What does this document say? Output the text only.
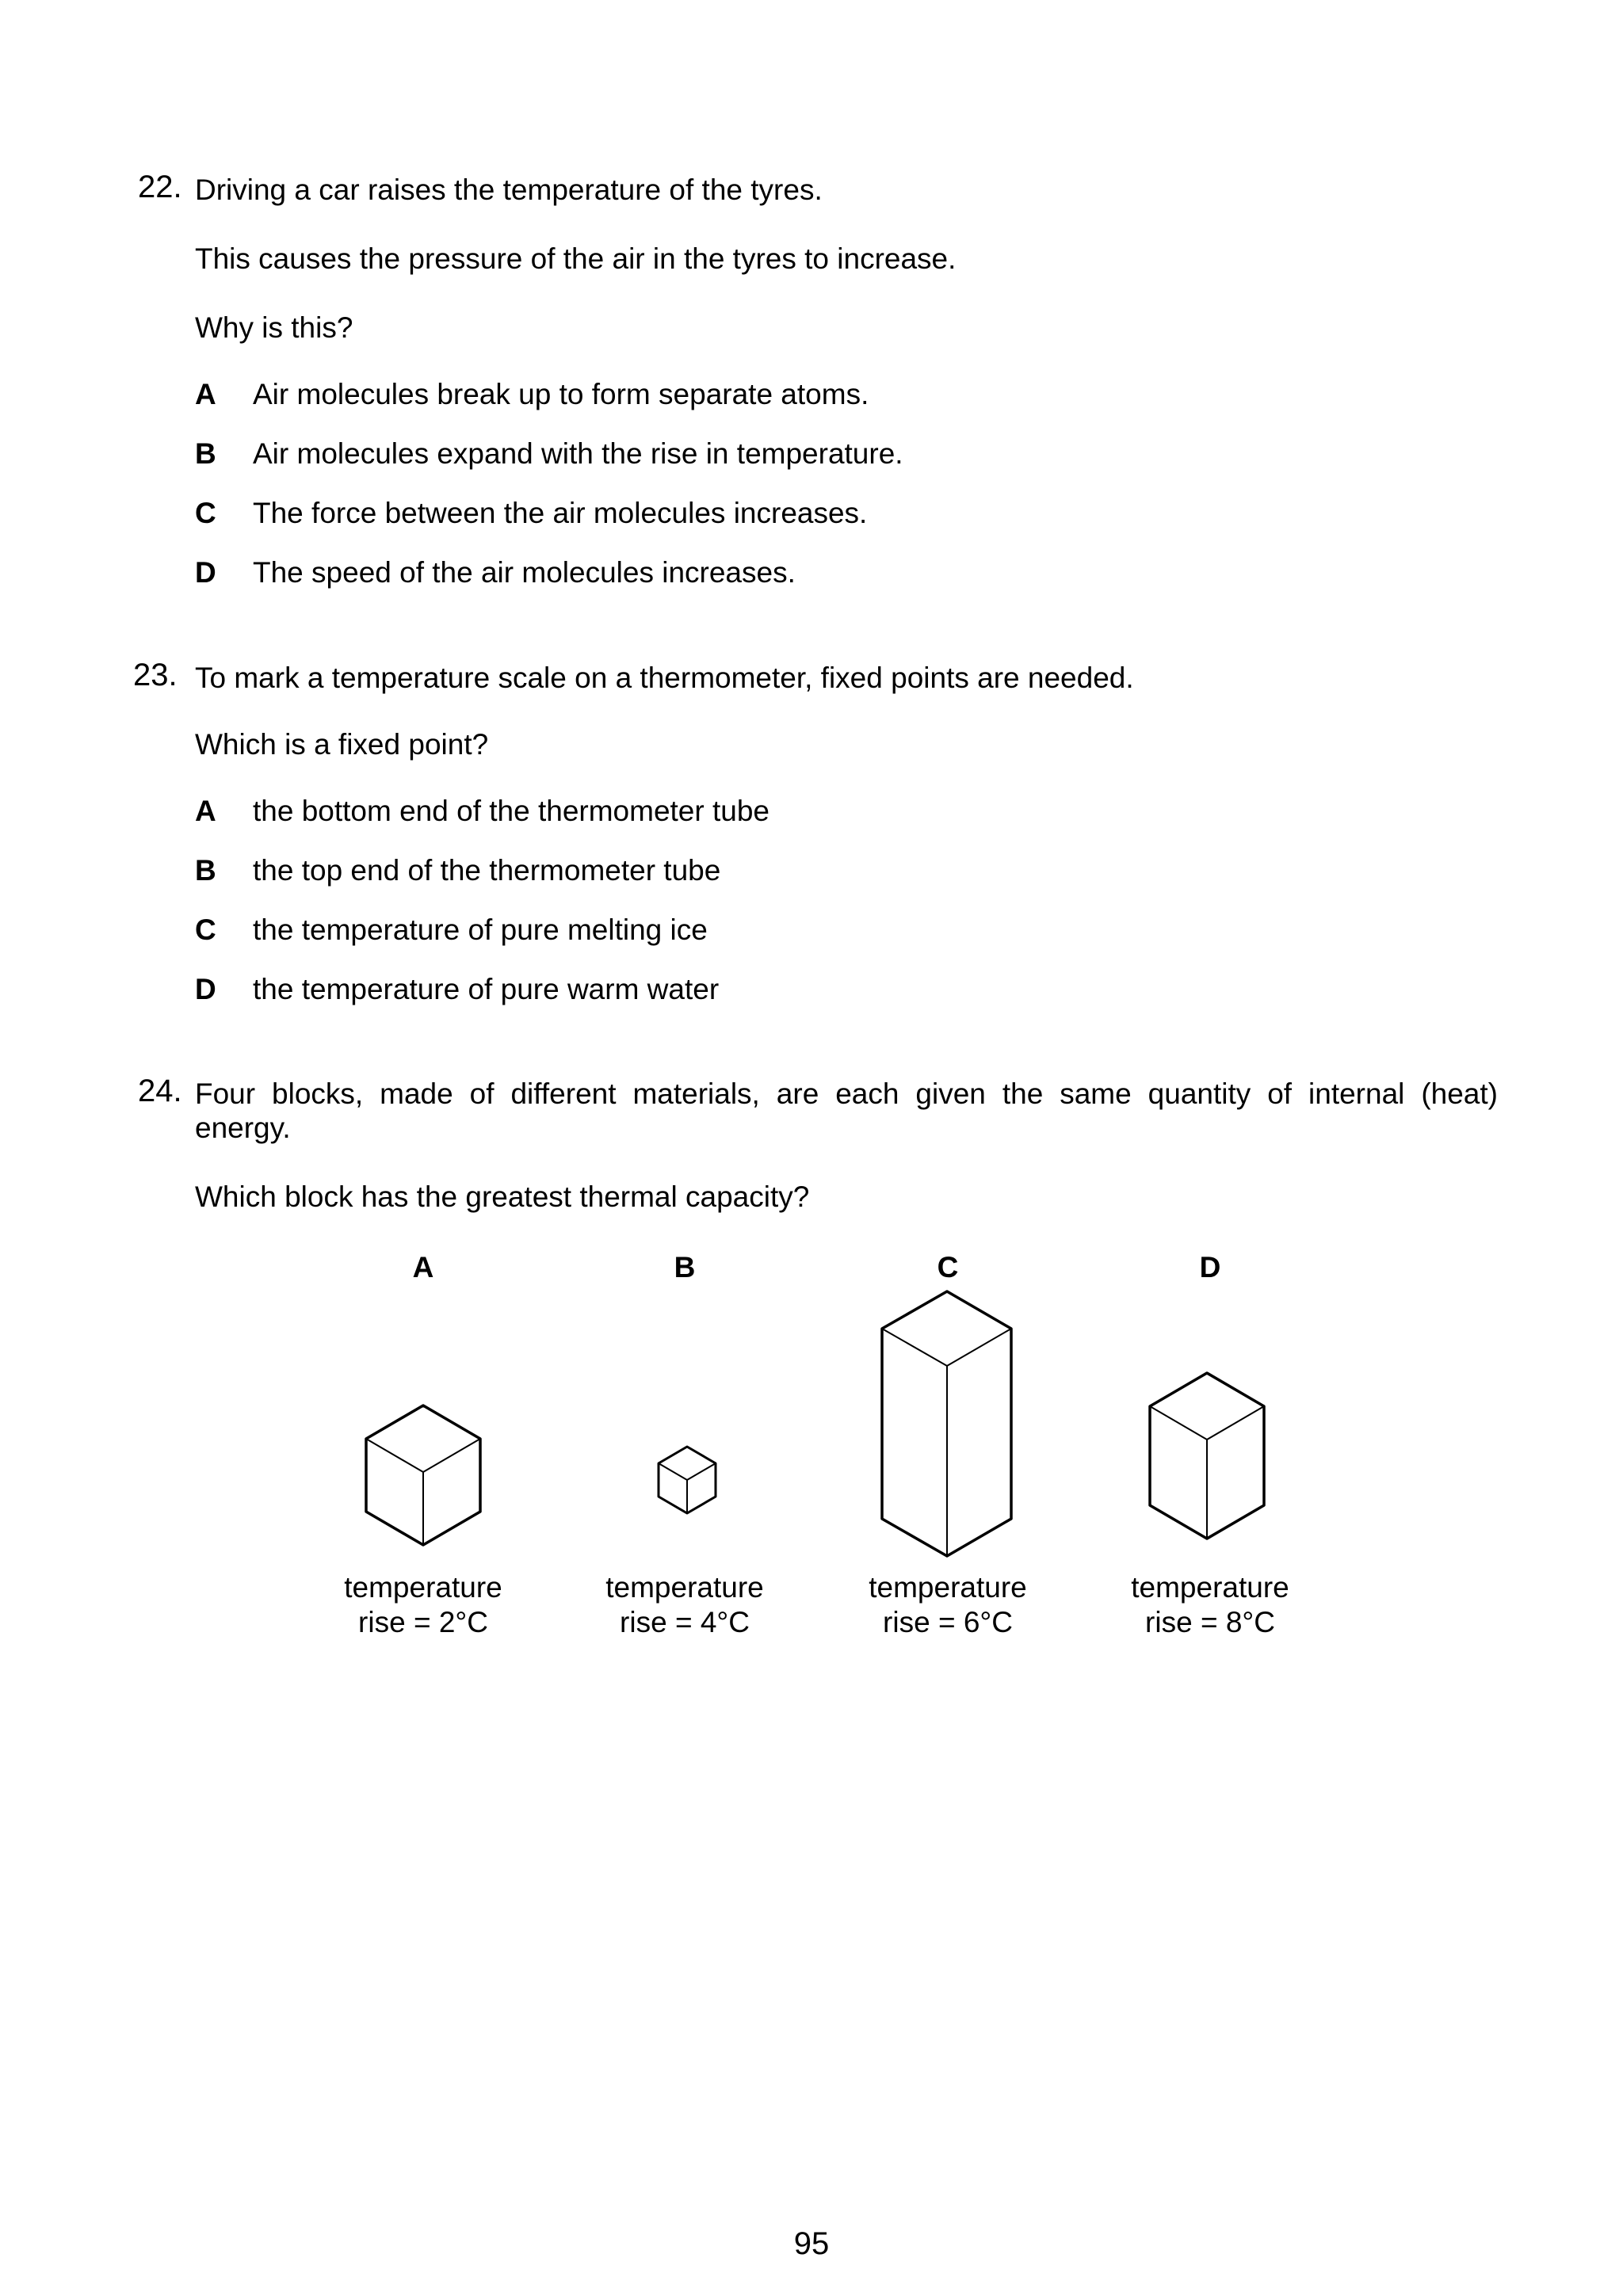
22. Driving a car raises the temperature of the tyres.
This causes the pressure of the air in the tyres to increase.
Why is this?
A Air molecules break up to form separate atoms.
B Air molecules expand with the rise in temperature.
C The force between the air molecules increases.
D The speed of the air molecules increases.
23. To mark a temperature scale on a thermometer, fixed points are needed.
Which is a fixed point?
A the bottom end of the thermometer tube
B the top end of the thermometer tube
C the temperature of pure melting ice
D the temperature of pure warm water
24. Four blocks, made of different materials, are each given the same quantity of internal (heat)
energy.
Which block has the greatest thermal capacity?
A	B	C	D
temperature
rise = 2°C
temperature
rise = 4°C
temperature
rise = 6°C
temperature
rise = 8°C
95
